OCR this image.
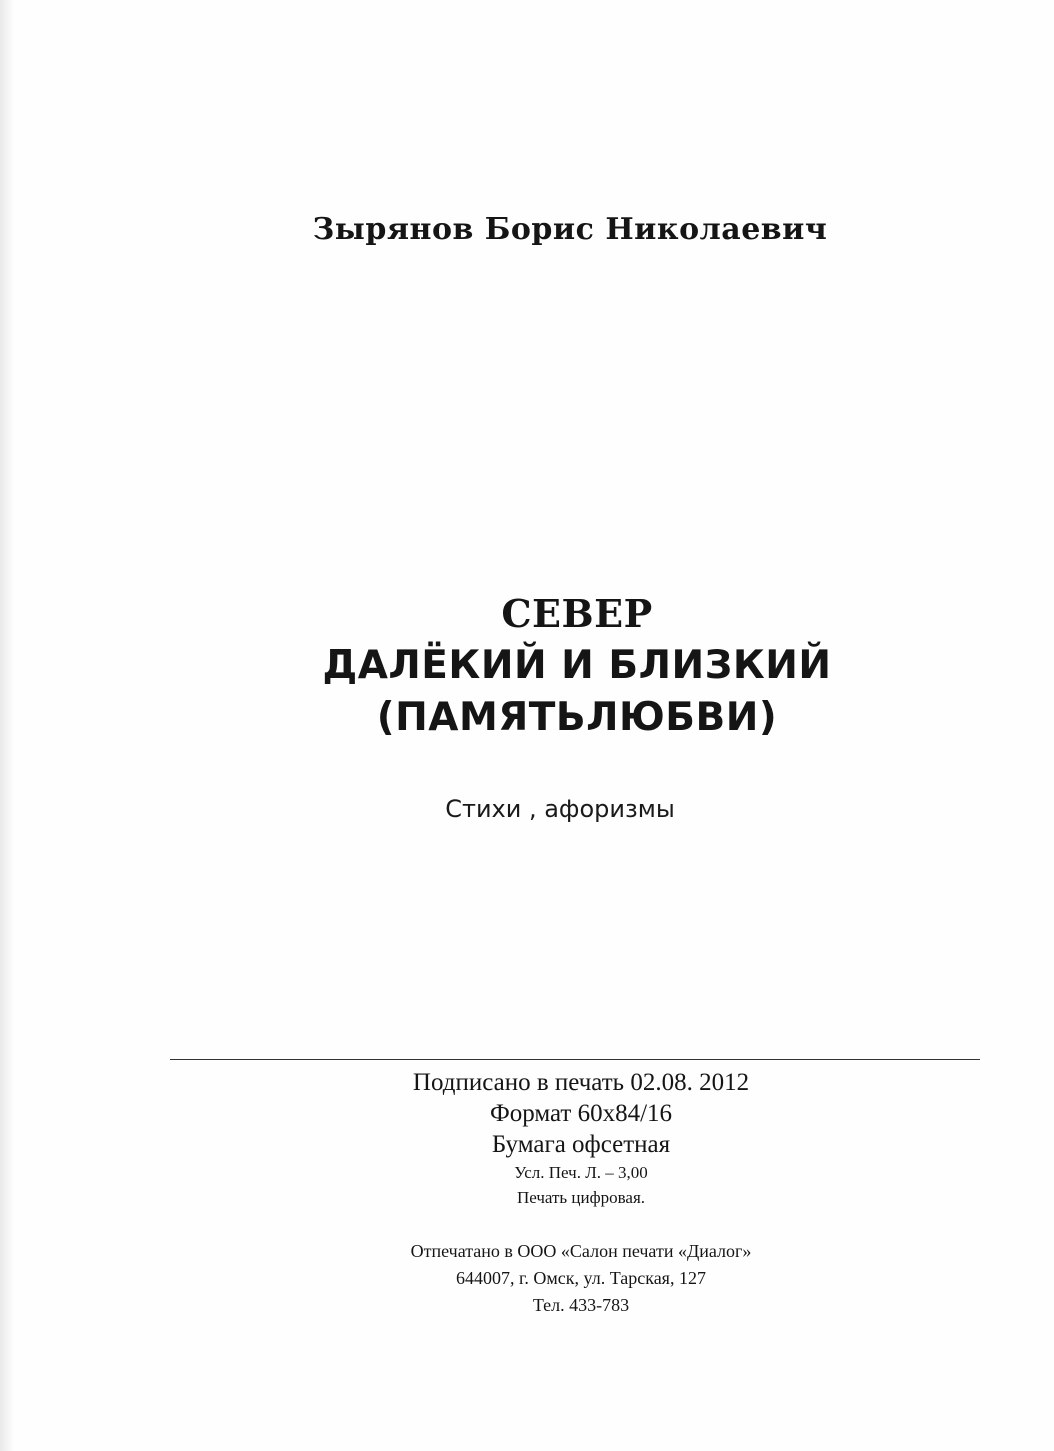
Зырянов Борис Николаевич
СЕВЕР
ДАЛЁКИЙ И БЛИЗКИЙ
(ПАМЯТЬЛЮБВИ)
Стихи , афоризмы
Подписано в печать 02.08. 2012
Формат 60x84/16
Бумага офсетная
Усл. Печ. Л. – 3,00
Печать цифровая.
Отпечатано в ООО «Салон печати «Диалог»
644007, г. Омск, ул. Тарская, 127
Тел. 433-783
